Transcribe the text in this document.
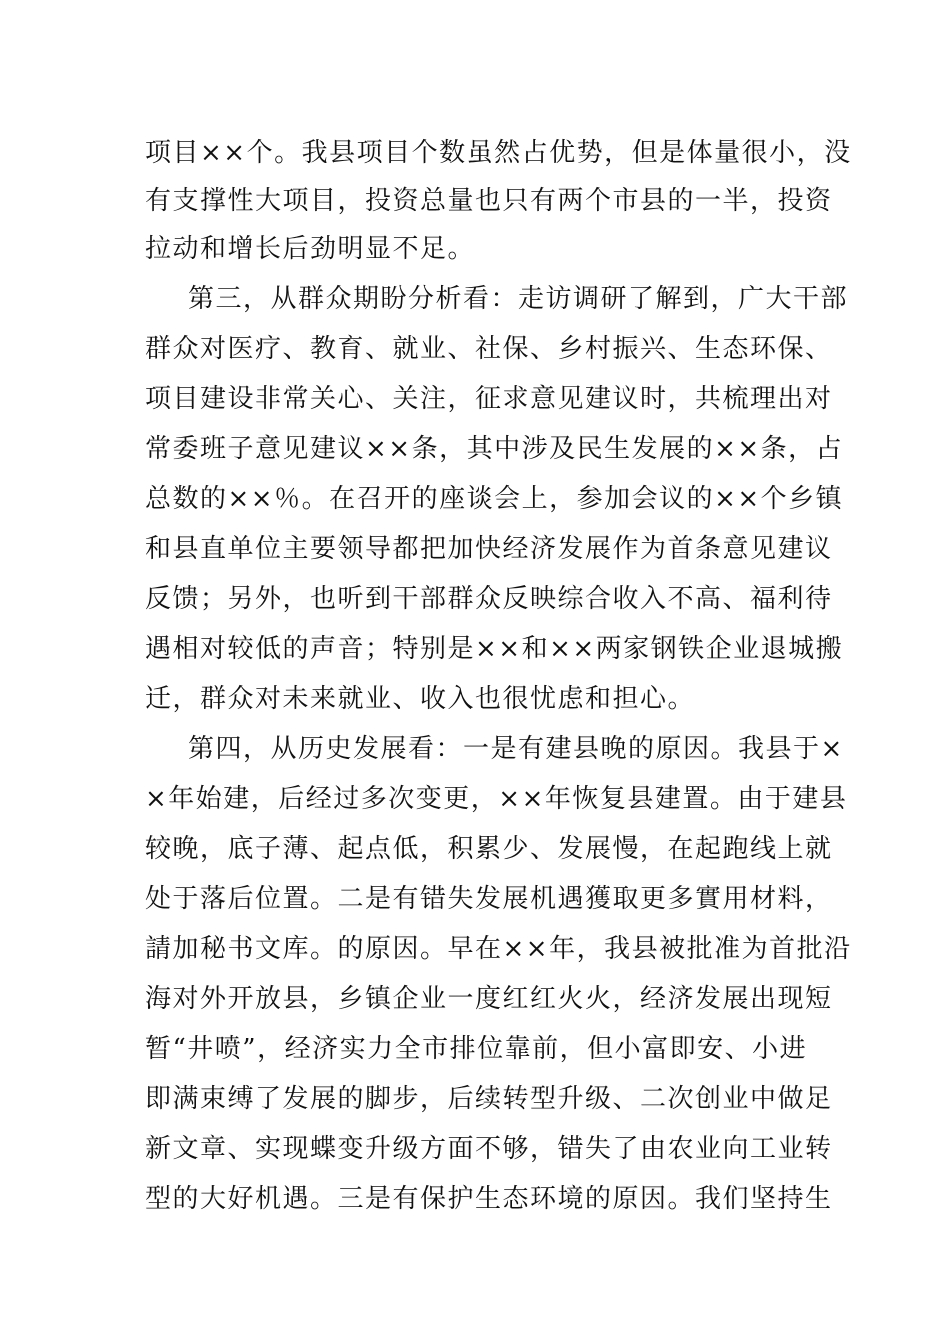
项目××个。我县项目个数虽然占优势，但是体量很小，没
有支撑性大项目，投资总量也只有两个市县的一半，投资
拉动和增长后劲明显不足。
第三，从群众期盼分析看：走访调研了解到，广大干部
群众对医疗、教育、就业、社保、乡村振兴、生态环保、
项目建设非常关心、关注，征求意见建议时，共梳理出对
常委班子意见建议××条，其中涉及民生发展的××条，占
总数的××％。在召开的座谈会上，参加会议的××个乡镇
和县直单位主要领导都把加快经济发展作为首条意见建议
反馈；另外，也听到干部群众反映综合收入不高、福利待
遇相对较低的声音；特别是××和××两家钢铁企业退城搬
迁，群众对未来就业、收入也很忧虑和担心。
第四，从历史发展看：一是有建县晚的原因。我县于×
×年始建，后经过多次变更，××年恢复县建置。由于建县
较晚，底子薄、起点低，积累少、发展慢，在起跑线上就
处于落后位置。二是有错失发展机遇獲取更多實用材料，
請加秘书文库。的原因。早在××年，我县被批准为首批沿
海对外开放县，乡镇企业一度红红火火，经济发展出现短
暂“井喷”，经济实力全市排位靠前，但小富即安、小进
即满束缚了发展的脚步，后续转型升级、二次创业中做足
新文章、实现蝶变升级方面不够，错失了由农业向工业转
型的大好机遇。三是有保护生态环境的原因。我们坚持生
